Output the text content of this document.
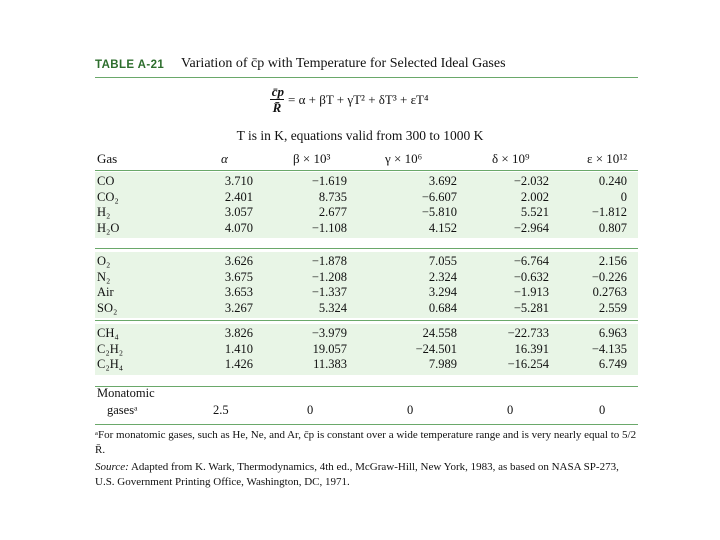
TABLE A-21 Variation of c̄p with Temperature for Selected Ideal Gases
$\frac{c̄p}{R̄} = \alpha + \beta T + \gamma T^2 + \delta T^3 + \varepsilon T^4$
T is in K, equations valid from 300 to 1000 K
Gas	α	β × 10³	γ × 10⁶	δ × 10⁹	ε × 10¹²
CO	3.710	−1.619	3.692	−2.032	0.240
CO₂	2.401	8.735	−6.607	2.002	0
H₂	3.057	2.677	−5.810	5.521	−1.812
H₂O	4.070	−1.108	4.152	−2.964	0.807
O₂	3.626	−1.878	7.055	−6.764	2.156
N₂	3.675	−1.208	2.324	−0.632	−0.226
Air	3.653	−1.337	3.294	−1.913	0.2763
SO₂	3.267	5.324	0.684	−5.281	2.559
CH₄	3.826	−3.979	24.558	−22.733	6.963
C₂H₂	1.410	19.057	−24.501	16.391	−4.135
C₂H₄	1.426	11.383	7.989	−16.254	6.749
Monatomic
gasesᵃ	2.5	0	0	0	0
ᵃFor monatomic gases, such as He, Ne, and Ar, c̄p is constant over a wide temperature range and is very nearly equal to 5/2 R̄.
Source: Adapted from K. Wark, Thermodynamics, 4th ed., McGraw-Hill, New York, 1983, as based on NASA SP-273, U.S. Government Printing Office, Washington, DC, 1971.
